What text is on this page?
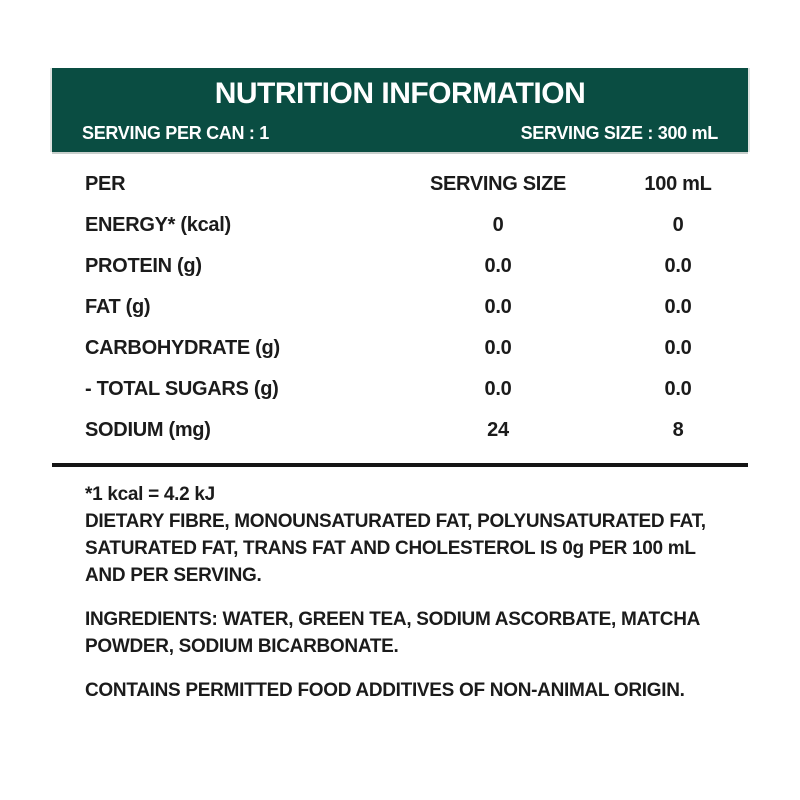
NUTRITION INFORMATION
SERVING PER CAN : 1	SERVING SIZE : 300 mL
PER	SERVING SIZE	100 mL
ENERGY* (kcal)	0	0
PROTEIN (g)	0.0	0.0
FAT (g)	0.0	0.0
CARBOHYDRATE (g)	0.0	0.0
- TOTAL SUGARS (g)	0.0	0.0
SODIUM (mg)	24	8
*1 kcal = 4.2 kJ
DIETARY FIBRE, MONOUNSATURATED FAT, POLYUNSATURATED FAT, SATURATED FAT, TRANS FAT AND CHOLESTEROL IS 0g PER 100 mL AND PER SERVING.
INGREDIENTS: WATER, GREEN TEA, SODIUM ASCORBATE, MATCHA POWDER, SODIUM BICARBONATE.
CONTAINS PERMITTED FOOD ADDITIVES OF NON-ANIMAL ORIGIN.
